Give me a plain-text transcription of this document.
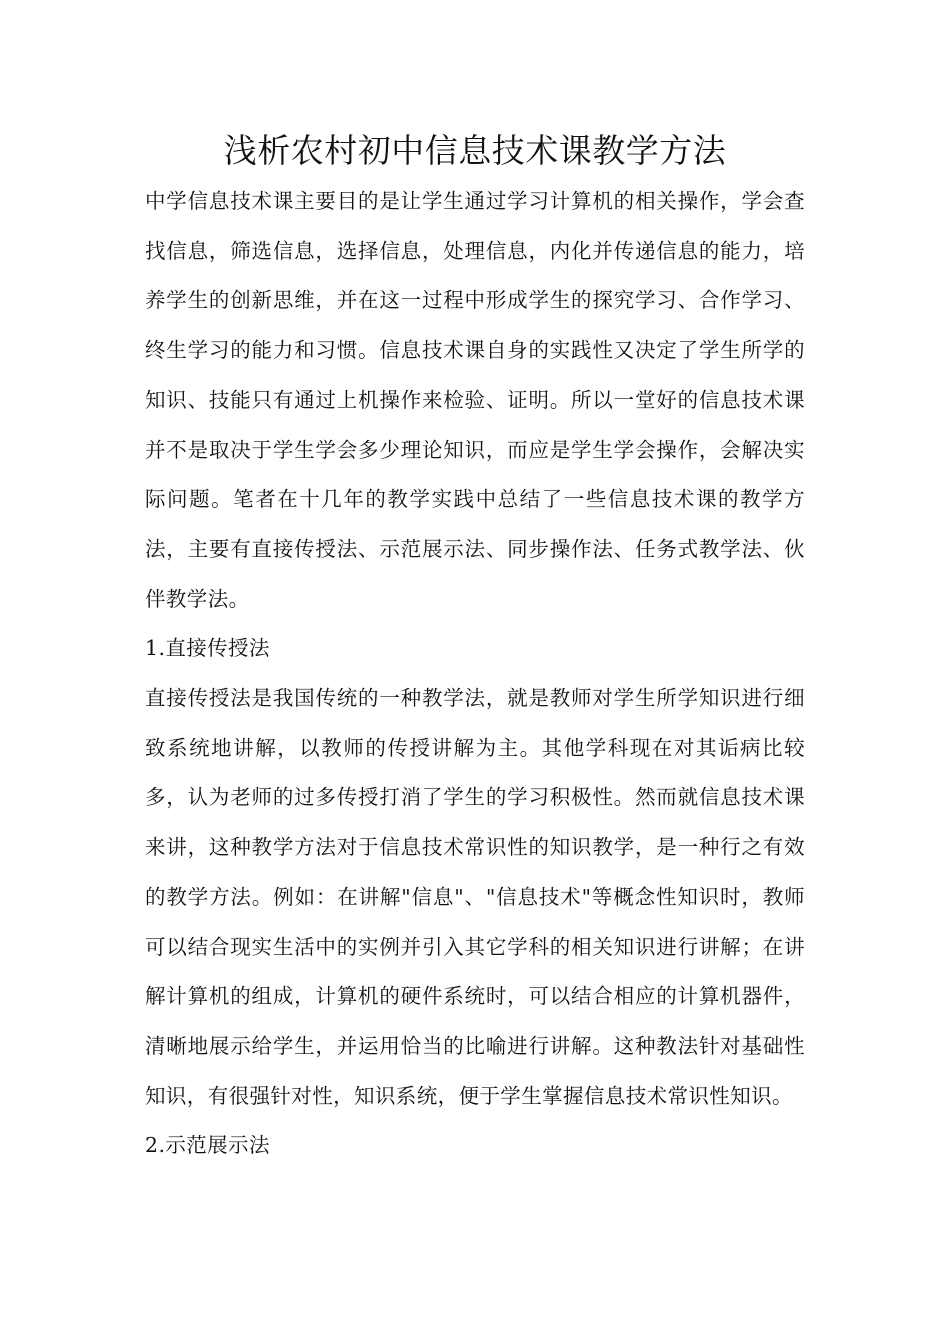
浅析农村初中信息技术课教学方法

中学信息技术课主要目的是让学生通过学习计算机的相关操作，学会查找信息，筛选信息，选择信息，处理信息，内化并传递信息的能力，培养学生的创新思维，并在这一过程中形成学生的探究学习、合作学习、终生学习的能力和习惯。信息技术课自身的实践性又决定了学生所学的知识、技能只有通过上机操作来检验、证明。所以一堂好的信息技术课并不是取决于学生学会多少理论知识，而应是学生学会操作，会解决实际问题。笔者在十几年的教学实践中总结了一些信息技术课的教学方法，主要有直接传授法、示范展示法、同步操作法、任务式教学法、伙伴教学法。

1.直接传授法

直接传授法是我国传统的一种教学法，就是教师对学生所学知识进行细致系统地讲解，以教师的传授讲解为主。其他学科现在对其诟病比较多，认为老师的过多传授打消了学生的学习积极性。然而就信息技术课来讲，这种教学方法对于信息技术常识性的知识教学，是一种行之有效的教学方法。例如：在讲解"信息"、"信息技术"等概念性知识时，教师可以结合现实生活中的实例并引入其它学科的相关知识进行讲解；在讲解计算机的组成，计算机的硬件系统时，可以结合相应的计算机器件，清晰地展示给学生，并运用恰当的比喻进行讲解。这种教法针对基础性知识，有很强针对性，知识系统，便于学生掌握信息技术常识性知识。

2.示范展示法
